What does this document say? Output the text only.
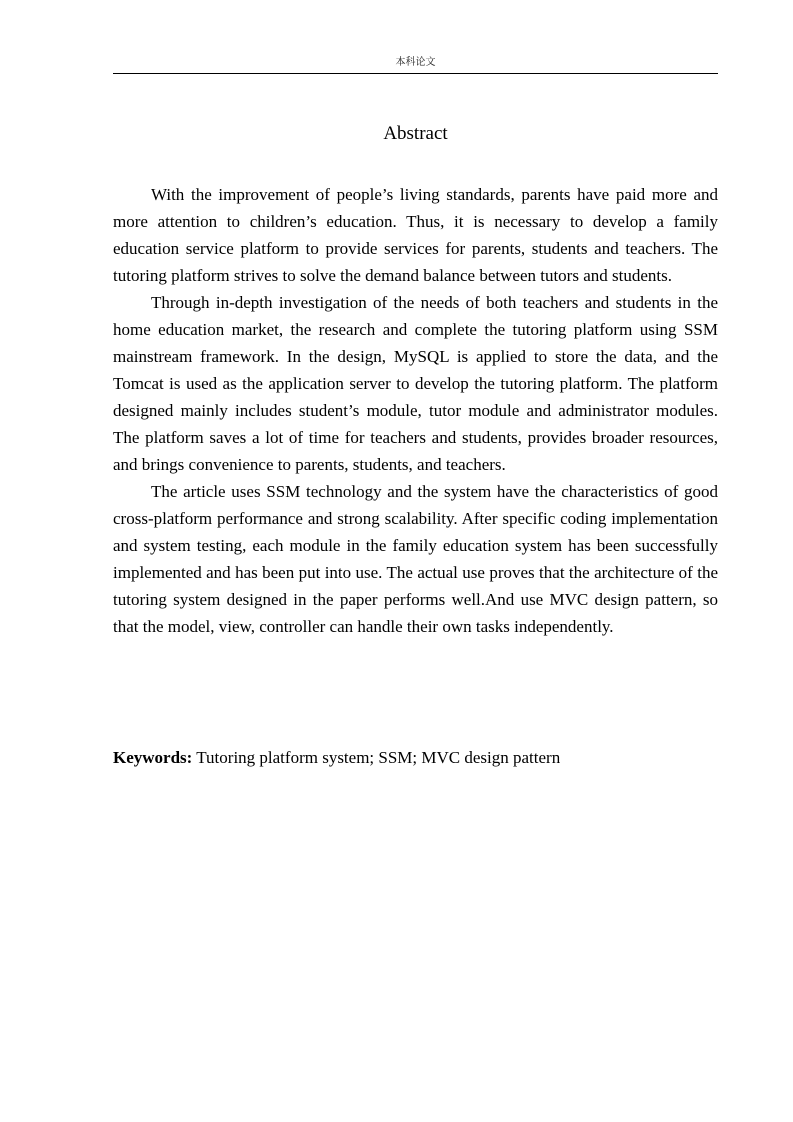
本科论文
Abstract

With the improvement of people’s living standards, parents have paid more and more attention to children’s education. Thus, it is necessary to develop a family education service platform to provide services for parents, students and teachers. The tutoring platform strives to solve the demand balance between tutors and students.

Through in-depth investigation of the needs of both teachers and students in the home education market, the research and complete the tutoring platform using SSM mainstream framework. In the design, MySQL is applied to store the data, and the Tomcat is used as the application server to develop the tutoring platform. The platform designed mainly includes student’s module, tutor module and administrator modules. The platform saves a lot of time for teachers and students, provides broader resources, and brings convenience to parents, students, and teachers.

The article uses SSM technology and the system have the characteristics of good cross-platform performance and strong scalability. After specific coding implementation and system testing, each module in the family education system has been successfully implemented and has been put into use. The actual use proves that the architecture of the tutoring system designed in the paper performs well.And use MVC design pattern, so that the model, view, controller can handle their own tasks independently.

Keywords: Tutoring platform system; SSM; MVC design pattern
